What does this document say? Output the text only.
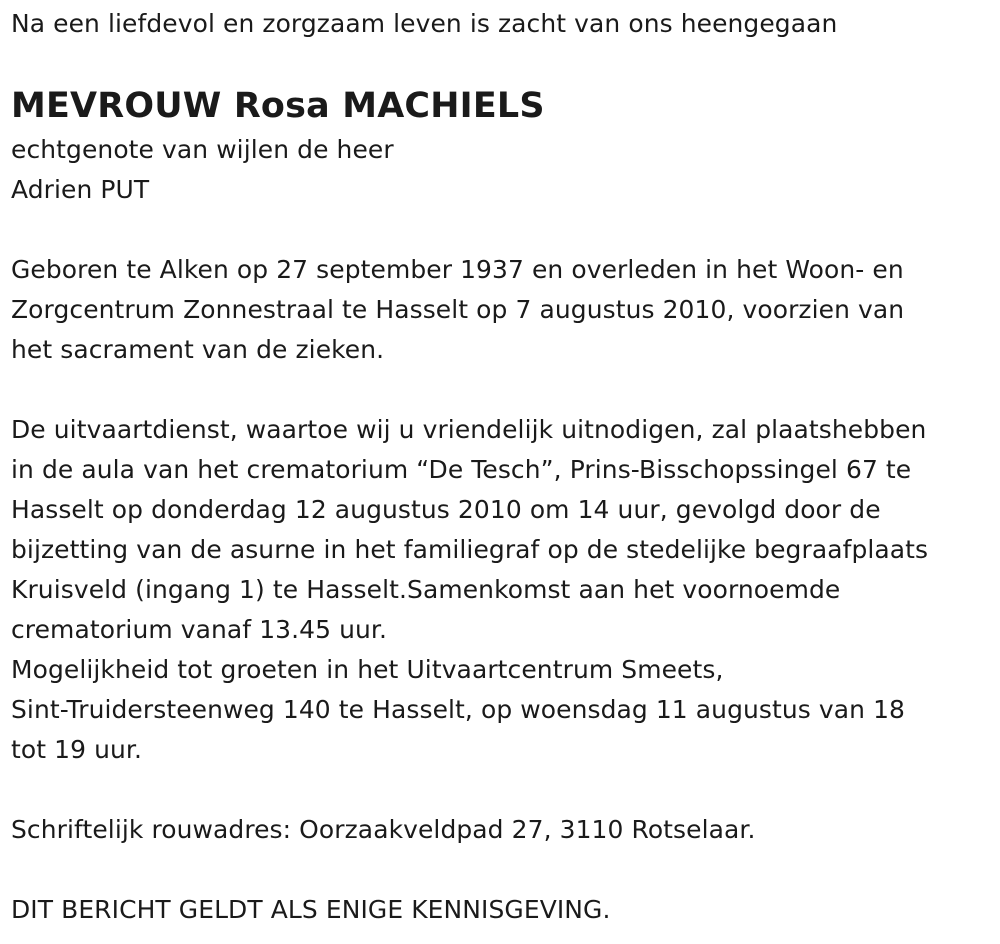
Na een liefdevol en zorgzaam leven is zacht van ons heengegaan
MEVROUW Rosa MACHIELS
echtgenote van wijlen de heer
Adrien PUT
Geboren te Alken op 27 september 1937 en overleden in het Woon- en
Zorgcentrum Zonnestraal te Hasselt op 7 augustus 2010, voorzien van
het sacrament van de zieken.
De uitvaartdienst, waartoe wij u vriendelijk uitnodigen, zal plaatshebben
in de aula van het crematorium “De Tesch”, Prins-Bisschopssingel 67 te
Hasselt op donderdag 12 augustus 2010 om 14 uur, gevolgd door de
bijzetting van de asurne in het familiegraf op de stedelijke begraafplaats
Kruisveld (ingang 1) te Hasselt.Samenkomst aan het voornoemde
crematorium vanaf 13.45 uur.
Mogelijkheid tot groeten in het Uitvaartcentrum Smeets,
Sint-Truidersteenweg 140 te Hasselt, op woensdag 11 augustus van 18
tot 19 uur.
Schriftelijk rouwadres: Oorzaakveldpad 27, 3110 Rotselaar.
DIT BERICHT GELDT ALS ENIGE KENNISGEVING.
